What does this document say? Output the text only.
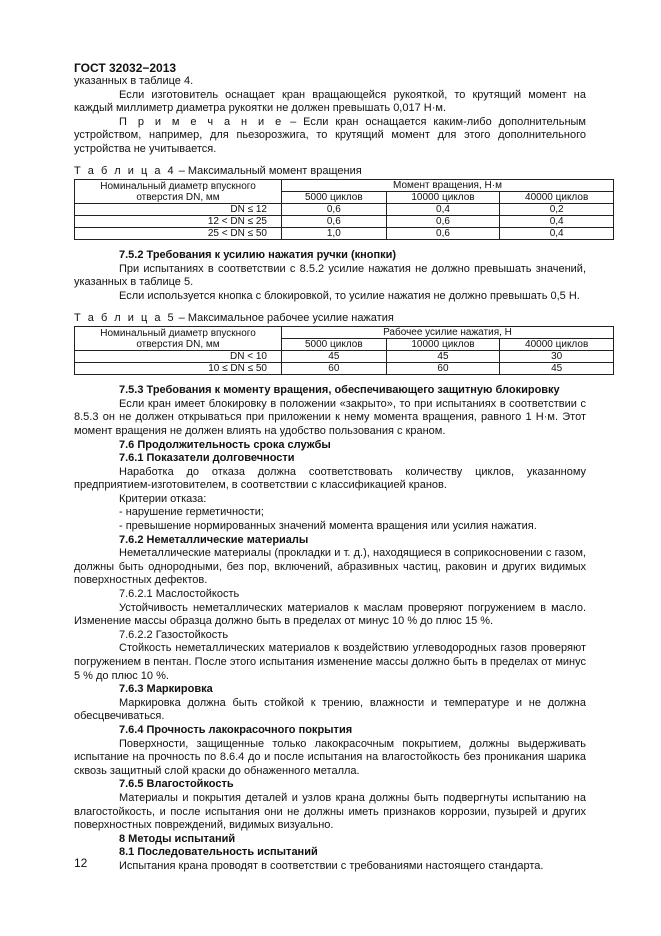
ГОСТ 32032−2013

указанных в таблице 4.

Если изготовитель оснащает кран вращающейся рукояткой, то крутящий момент на каждый миллиметр диаметра рукоятки не должен превышать 0,017 Н·м.

П р и м е ч а н и е – Если кран оснащается каким-либо дополнительным устройством, например, для пьезорозжига, то крутящий момент для этого дополнительного устройства не учитывается.

Т а б л и ц а 4 – Максимальный момент вращения

Номинальный диаметр впускного отверстия DN, мм	Момент вращения, Н·м		
	5000 циклов	10000 циклов	40000 циклов
DN ≤ 12	0,6	0,4	0,2
12 < DN ≤ 25	0,6	0,6	0,4
25 < DN ≤ 50	1,0	0,6	0,4

7.5.2 Требования к усилию нажатия ручки (кнопки)

При испытаниях в соответствии с 8.5.2 усилие нажатия не должно превышать значений, указанных в таблице 5.

Если используется кнопка с блокировкой, то усилие нажатия не должно превышать 0,5 Н.

Т а б л и ц а 5 – Максимальное рабочее усилие нажатия

Номинальный диаметр впускного отверстия DN, мм	Рабочее усилие нажатия, Н		
	5000 циклов	10000 циклов	40000 циклов
DN < 10	45	45	30
10 ≤ DN ≤ 50	60	60	45

7.5.3 Требования к моменту вращения, обеспечивающего защитную блокировку

Если кран имеет блокировку в положении «закрыто», то при испытаниях в соответствии с 8.5.3 он не должен открываться при приложении к нему момента вращения, равного 1 Н·м. Этот момент вращения не должен влиять на удобство пользования с краном.

7.6 Продолжительность срока службы

7.6.1 Показатели долговечности

Наработка до отказа должна соответствовать количеству циклов, указанному предприятием-изготовителем, в соответствии с классификацией кранов.

Критерии отказа:

- нарушение герметичности;

- превышение нормированных значений момента вращения или усилия нажатия.

7.6.2 Неметаллические материалы

Неметаллические материалы (прокладки и т. д.), находящиеся в соприкосновении с газом, должны быть однородными, без пор, включений, абразивных частиц, раковин и других видимых поверхностных дефектов.

7.6.2.1 Маслостойкость

Устойчивость неметаллических материалов к маслам проверяют погружением в масло. Изменение массы образца должно быть в пределах от минус 10 % до плюс 15 %.

7.6.2.2 Газостойкость

Стойкость неметаллических материалов к воздействию углеводородных газов проверяют погружением в пентан. После этого испытания изменение массы должно быть в пределах от минус 5 % до плюс 10 %.

7.6.3 Маркировка

Маркировка должна быть стойкой к трению, влажности и температуре и не должна обесцвечиваться.

7.6.4 Прочность лакокрасочного покрытия

Поверхности, защищенные только лакокрасочным покрытием, должны выдерживать испытание на прочность по 8.6.4 до и после испытания на влагостойкость без проникания шарика сквозь защитный слой краски до обнаженного металла.

7.6.5 Влагостойкость

Материалы и покрытия деталей и узлов крана должны быть подвергнуты испытанию на влагостойкость, и после испытания они не должны иметь признаков коррозии, пузырей и других поверхностных повреждений, видимых визуально.

8 Методы испытаний

8.1 Последовательность испытаний

Испытания крана проводят в соответствии с требованиями настоящего стандарта.

12
